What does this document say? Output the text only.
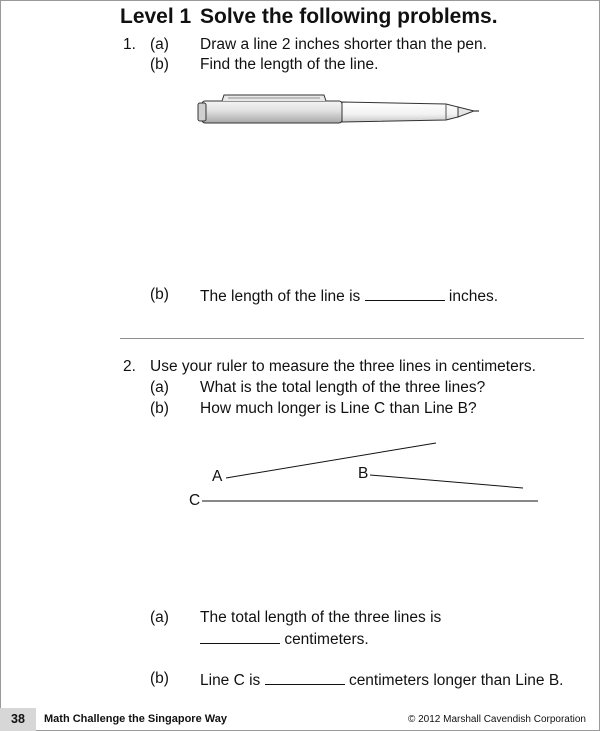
Level 1 Solve the following problems.
1. (a) Draw a line 2 inches shorter than the pen.
(b) Find the length of the line.
(b) The length of the line is	inches.
2. Use your ruler to measure the three lines in centimeters.
(a) What is the total length of the three lines?
(b) How much longer is Line C than Line B?
A	B
C
(a) The total length of the three lines is
centimeters.
(b) Line C is	centimeters longer than Line B.
38	Math Challenge the Singapore Way	© 2012 Marshall Cavendish Corporation
